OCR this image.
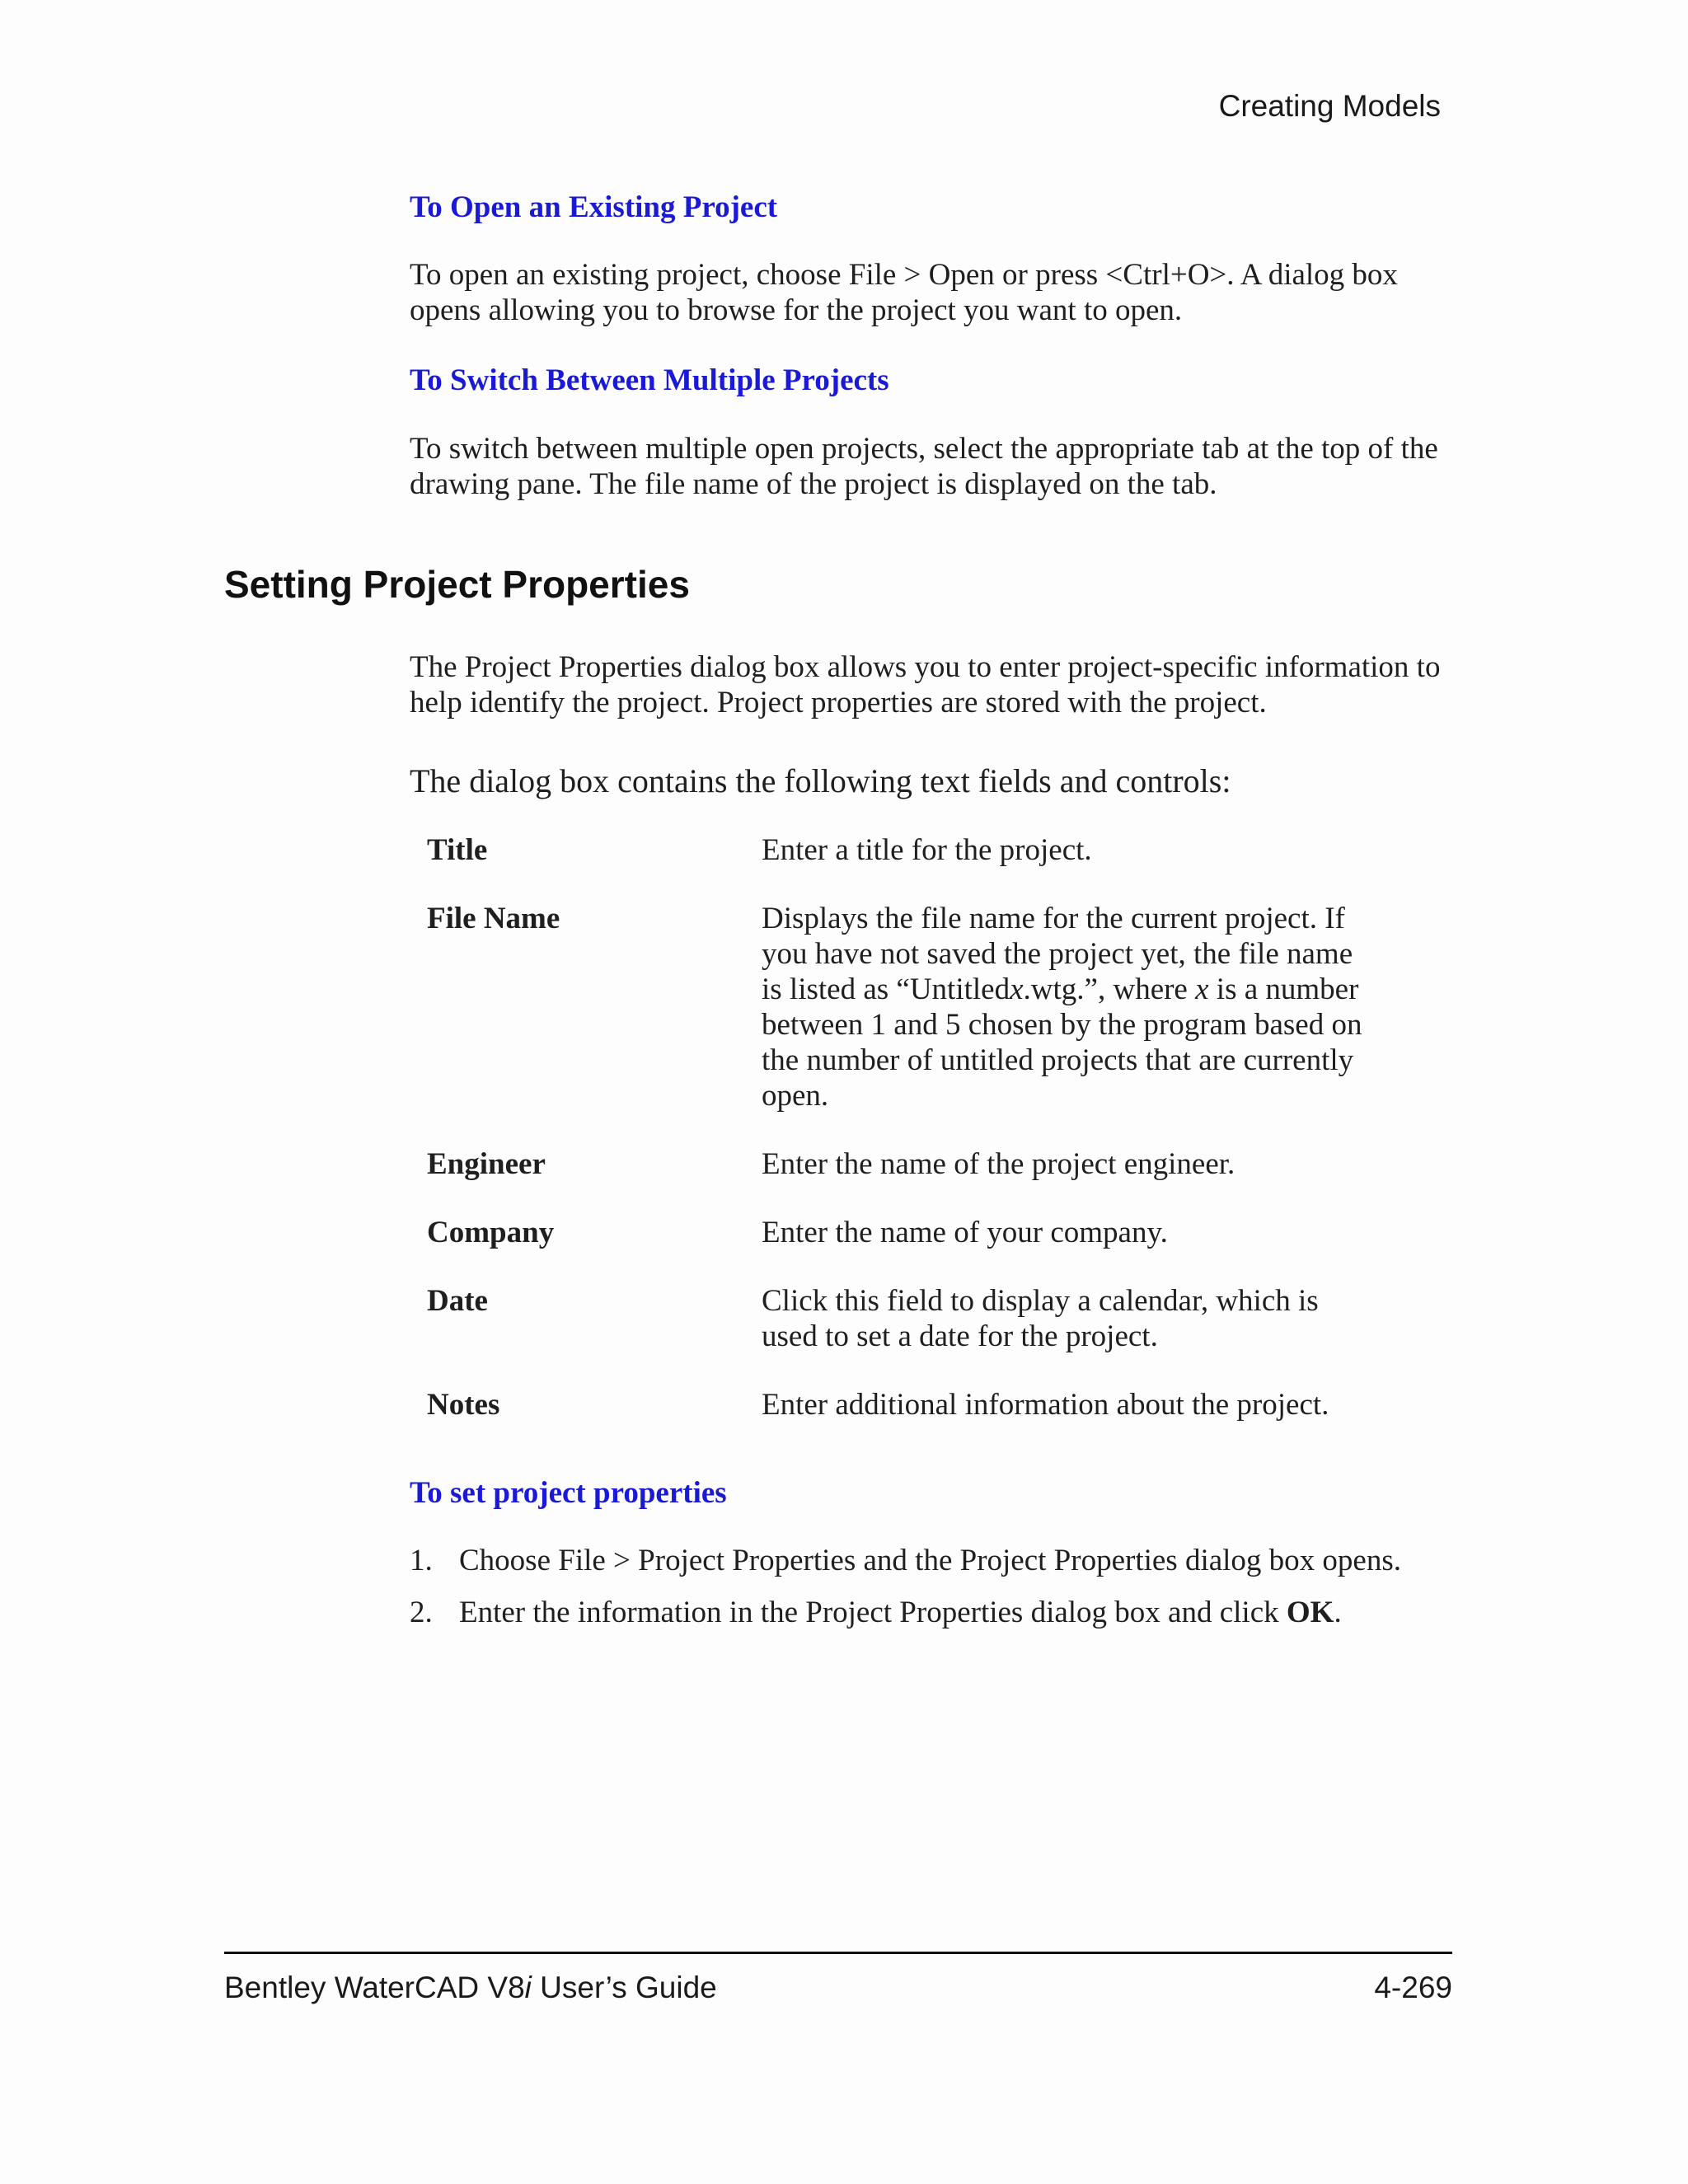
Creating Models

To Open an Existing Project

To open an existing project, choose File > Open or press <Ctrl+O>. A dialog box opens allowing you to browse for the project you want to open.

To Switch Between Multiple Projects

To switch between multiple open projects, select the appropriate tab at the top of the drawing pane. The file name of the project is displayed on the tab.

Setting Project Properties

The Project Properties dialog box allows you to enter project-specific information to help identify the project. Project properties are stored with the project.

The dialog box contains the following text fields and controls:

Title	Enter a title for the project.
File Name	Displays the file name for the current project. If you have not saved the project yet, the file name is listed as “Untitledx.wtg.”, where x is a number between 1 and 5 chosen by the program based on the number of untitled projects that are currently open.
Engineer	Enter the name of the project engineer.
Company	Enter the name of your company.
Date	Click this field to display a calendar, which is used to set a date for the project.
Notes	Enter additional information about the project.

To set project properties

1. Choose File > Project Properties and the Project Properties dialog box opens.
2. Enter the information in the Project Properties dialog box and click OK.
Bentley WaterCAD V8i User’s Guide	4-269
